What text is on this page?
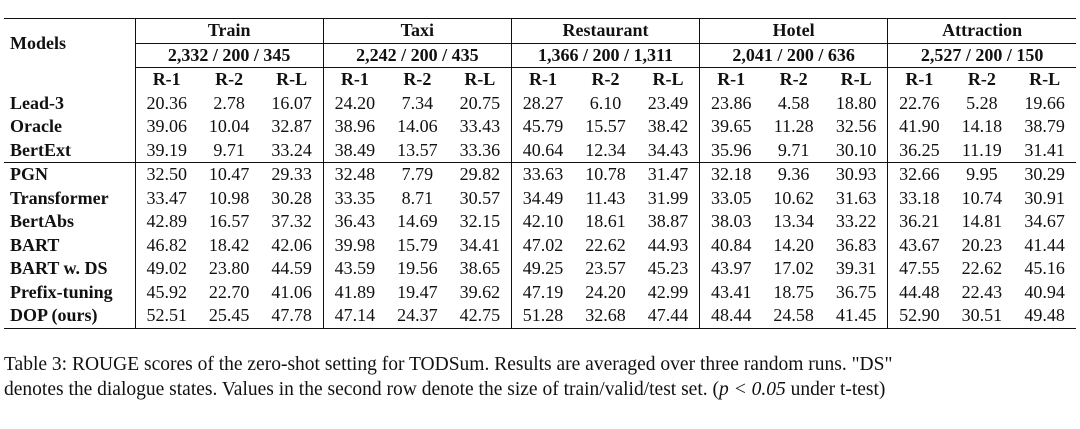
Models	Train			Taxi			Restaurant			Hotel			Attraction		
	2,332 / 200 / 345			2,242 / 200 / 435			1,366 / 200 / 1,311			2,041 / 200 / 636			2,527 / 200 / 150		
	R-1	R-2	R-L	R-1	R-2	R-L	R-1	R-2	R-L	R-1	R-2	R-L	R-1	R-2	R-L
Lead-3	20.36	2.78	16.07	24.20	7.34	20.75	28.27	6.10	23.49	23.86	4.58	18.80	22.76	5.28	19.66
Oracle	39.06	10.04	32.87	38.96	14.06	33.43	45.79	15.57	38.42	39.65	11.28	32.56	41.90	14.18	38.79
BertExt	39.19	9.71	33.24	38.49	13.57	33.36	40.64	12.34	34.43	35.96	9.71	30.10	36.25	11.19	31.41
PGN	32.50	10.47	29.33	32.48	7.79	29.82	33.63	10.78	31.47	32.18	9.36	30.93	32.66	9.95	30.29
Transformer	33.47	10.98	30.28	33.35	8.71	30.57	34.49	11.43	31.99	33.05	10.62	31.63	33.18	10.74	30.91
BertAbs	42.89	16.57	37.32	36.43	14.69	32.15	42.10	18.61	38.87	38.03	13.34	33.22	36.21	14.81	34.67
BART	46.82	18.42	42.06	39.98	15.79	34.41	47.02	22.62	44.93	40.84	14.20	36.83	43.67	20.23	41.44
BART w. DS	49.02	23.80	44.59	43.59	19.56	38.65	49.25	23.57	45.23	43.97	17.02	39.31	47.55	22.62	45.16
Prefix-tuning	45.92	22.70	41.06	41.89	19.47	39.62	47.19	24.20	42.99	43.41	18.75	36.75	44.48	22.43	40.94
DOP (ours)	52.51	25.45	47.78	47.14	24.37	42.75	51.28	32.68	47.44	48.44	24.58	41.45	52.90	30.51	49.48
Table 3: ROUGE scores of the zero-shot setting for TODSum. Results are averaged over three random runs. "DS"
denotes the dialogue states. Values in the second row denote the size of train/valid/test set. (p < 0.05 under t-test)
